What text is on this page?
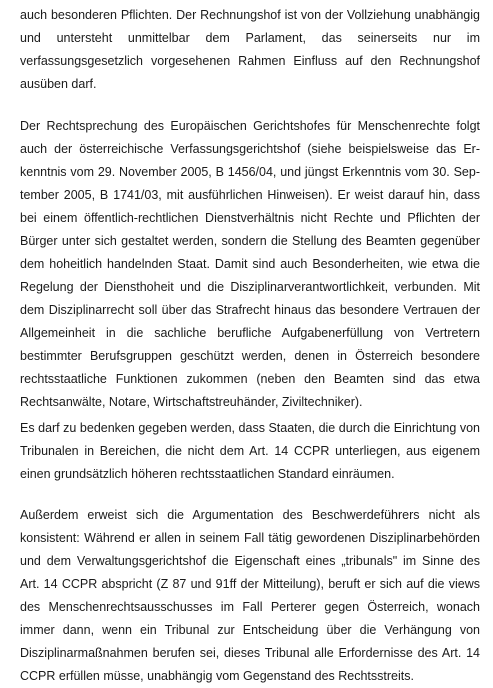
auch besonderen Pflichten. Der Rechnungshof ist von der Vollziehung unabhängig
und untersteht unmittelbar dem Parlament, das seinerseits nur im
verfassungsgesetzlich vorgesehenen Rahmen Einfluss auf den Rechnungshof
ausüben darf.
Der Rechtsprechung des Europäischen Gerichtshofes für Menschenrechte folgt
auch der österreichische Verfassungsgerichtshof (siehe beispielsweise das Er-
kenntnis vom 29. November 2005, B 1456/04, und jüngst Erkenntnis vom 30. Sep-
tember 2005, B 1741/03, mit ausführlichen Hinweisen). Er weist darauf hin, dass
bei einem öffentlich-rechtlichen Dienstverhältnis nicht Rechte und Pflichten der
Bürger unter sich gestaltet werden, sondern die Stellung des Beamten gegenüber
dem hoheitlich handelnden Staat. Damit sind auch Besonderheiten, wie etwa die
Regelung der Diensthoheit und die Disziplinarverantwortlichkeit, verbunden. Mit
dem Disziplinarrecht soll über das Strafrecht hinaus das besondere Vertrauen der
Allgemeinheit in die sachliche berufliche Aufgabenerfüllung von Vertretern
bestimmter Berufsgruppen geschützt werden, denen in Österreich besondere
rechtsstaatliche Funktionen zukommen (neben den Beamten sind das etwa
Rechtsanwälte, Notare, Wirtschaftstreuhänder, Ziviltechniker).
Es darf zu bedenken gegeben werden, dass Staaten, die durch die Einrichtung von
Tribunalen in Bereichen, die nicht dem Art. 14 CCPR unterliegen, aus eigenem
einen grundsätzlich höheren rechtsstaatlichen Standard einräumen.
Außerdem erweist sich die Argumentation des Beschwerdeführers nicht als
konsistent: Während er allen in seinem Fall tätig gewordenen Disziplinarbehörden
und dem Verwaltungsgerichtshof die Eigenschaft eines „tribunals" im Sinne des
Art. 14 CCPR abspricht (Z 87 und 91ff der Mitteilung), beruft er sich auf die views
des Menschenrechtsausschusses im Fall Perterer gegen Österreich, wonach
immer dann, wenn ein Tribunal zur Entscheidung über die Verhängung von
Disziplinarmaßnahmen berufen sei, dieses Tribunal alle Erfordernisse des Art. 14
CCPR erfüllen müsse, unabhängig vom Gegenstand des Rechtsstreits.
